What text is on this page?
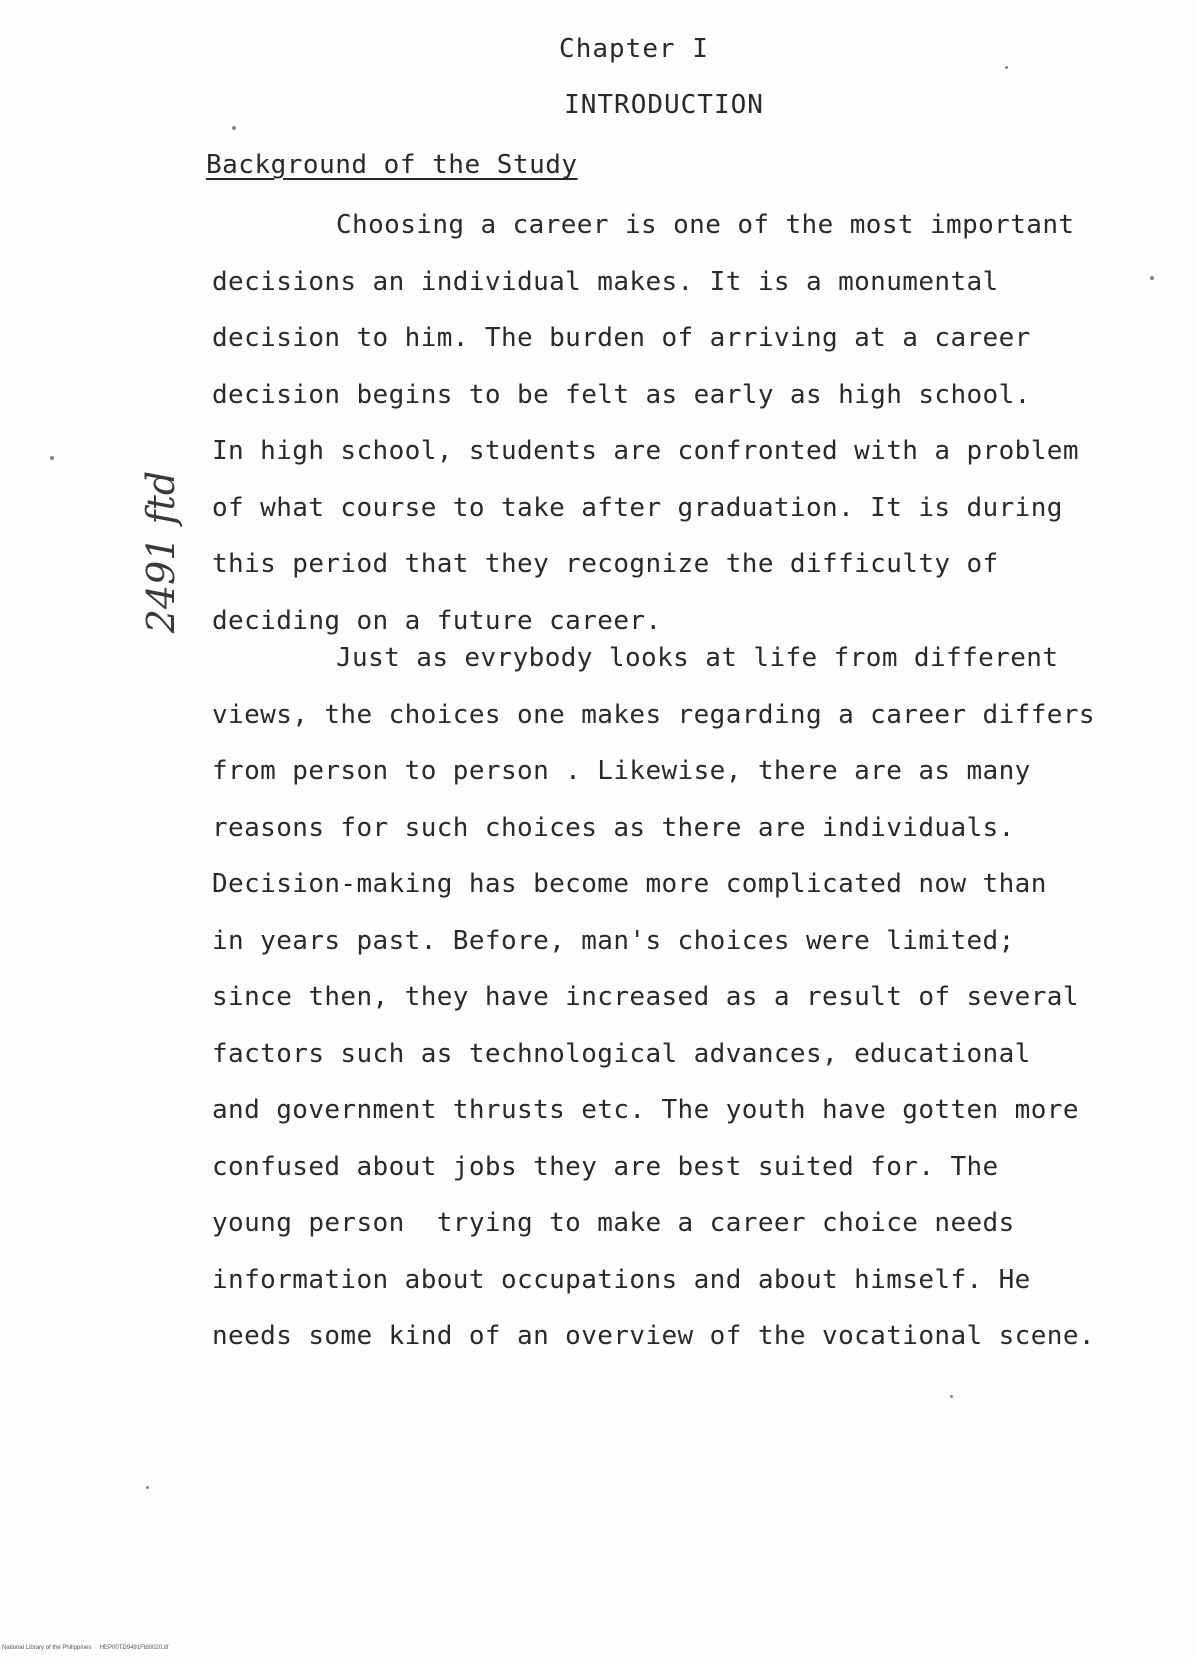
Chapter I
INTRODUCTION
Background of the Study
Choosing a career is one of the most important
decisions an individual makes. It is a monumental
decision to him. The burden of arriving at a career
decision begins to be felt as early as high school.
In high school, students are confronted with a problem
of what course to take after graduation. It is during
this period that they recognize the difficulty of
deciding on a future career.
Just as evrybody looks at life from different
views, the choices one makes regarding a career differs
from person to person . Likewise, there are as many
reasons for such choices as there are individuals.
Decision-making has become more complicated now than
in years past. Before, man's choices were limited;
since then, they have increased as a result of several
factors such as technological advances, educational
and government thrusts etc. The youth have gotten more
confused about jobs they are best suited for. The
young person  trying to make a career choice needs
information about occupations and about himself. He
needs some kind of an overview of the vocational scene.
2491 ftd
National Library of the Philippines     HEP00TD9491Ftd0020.tif
